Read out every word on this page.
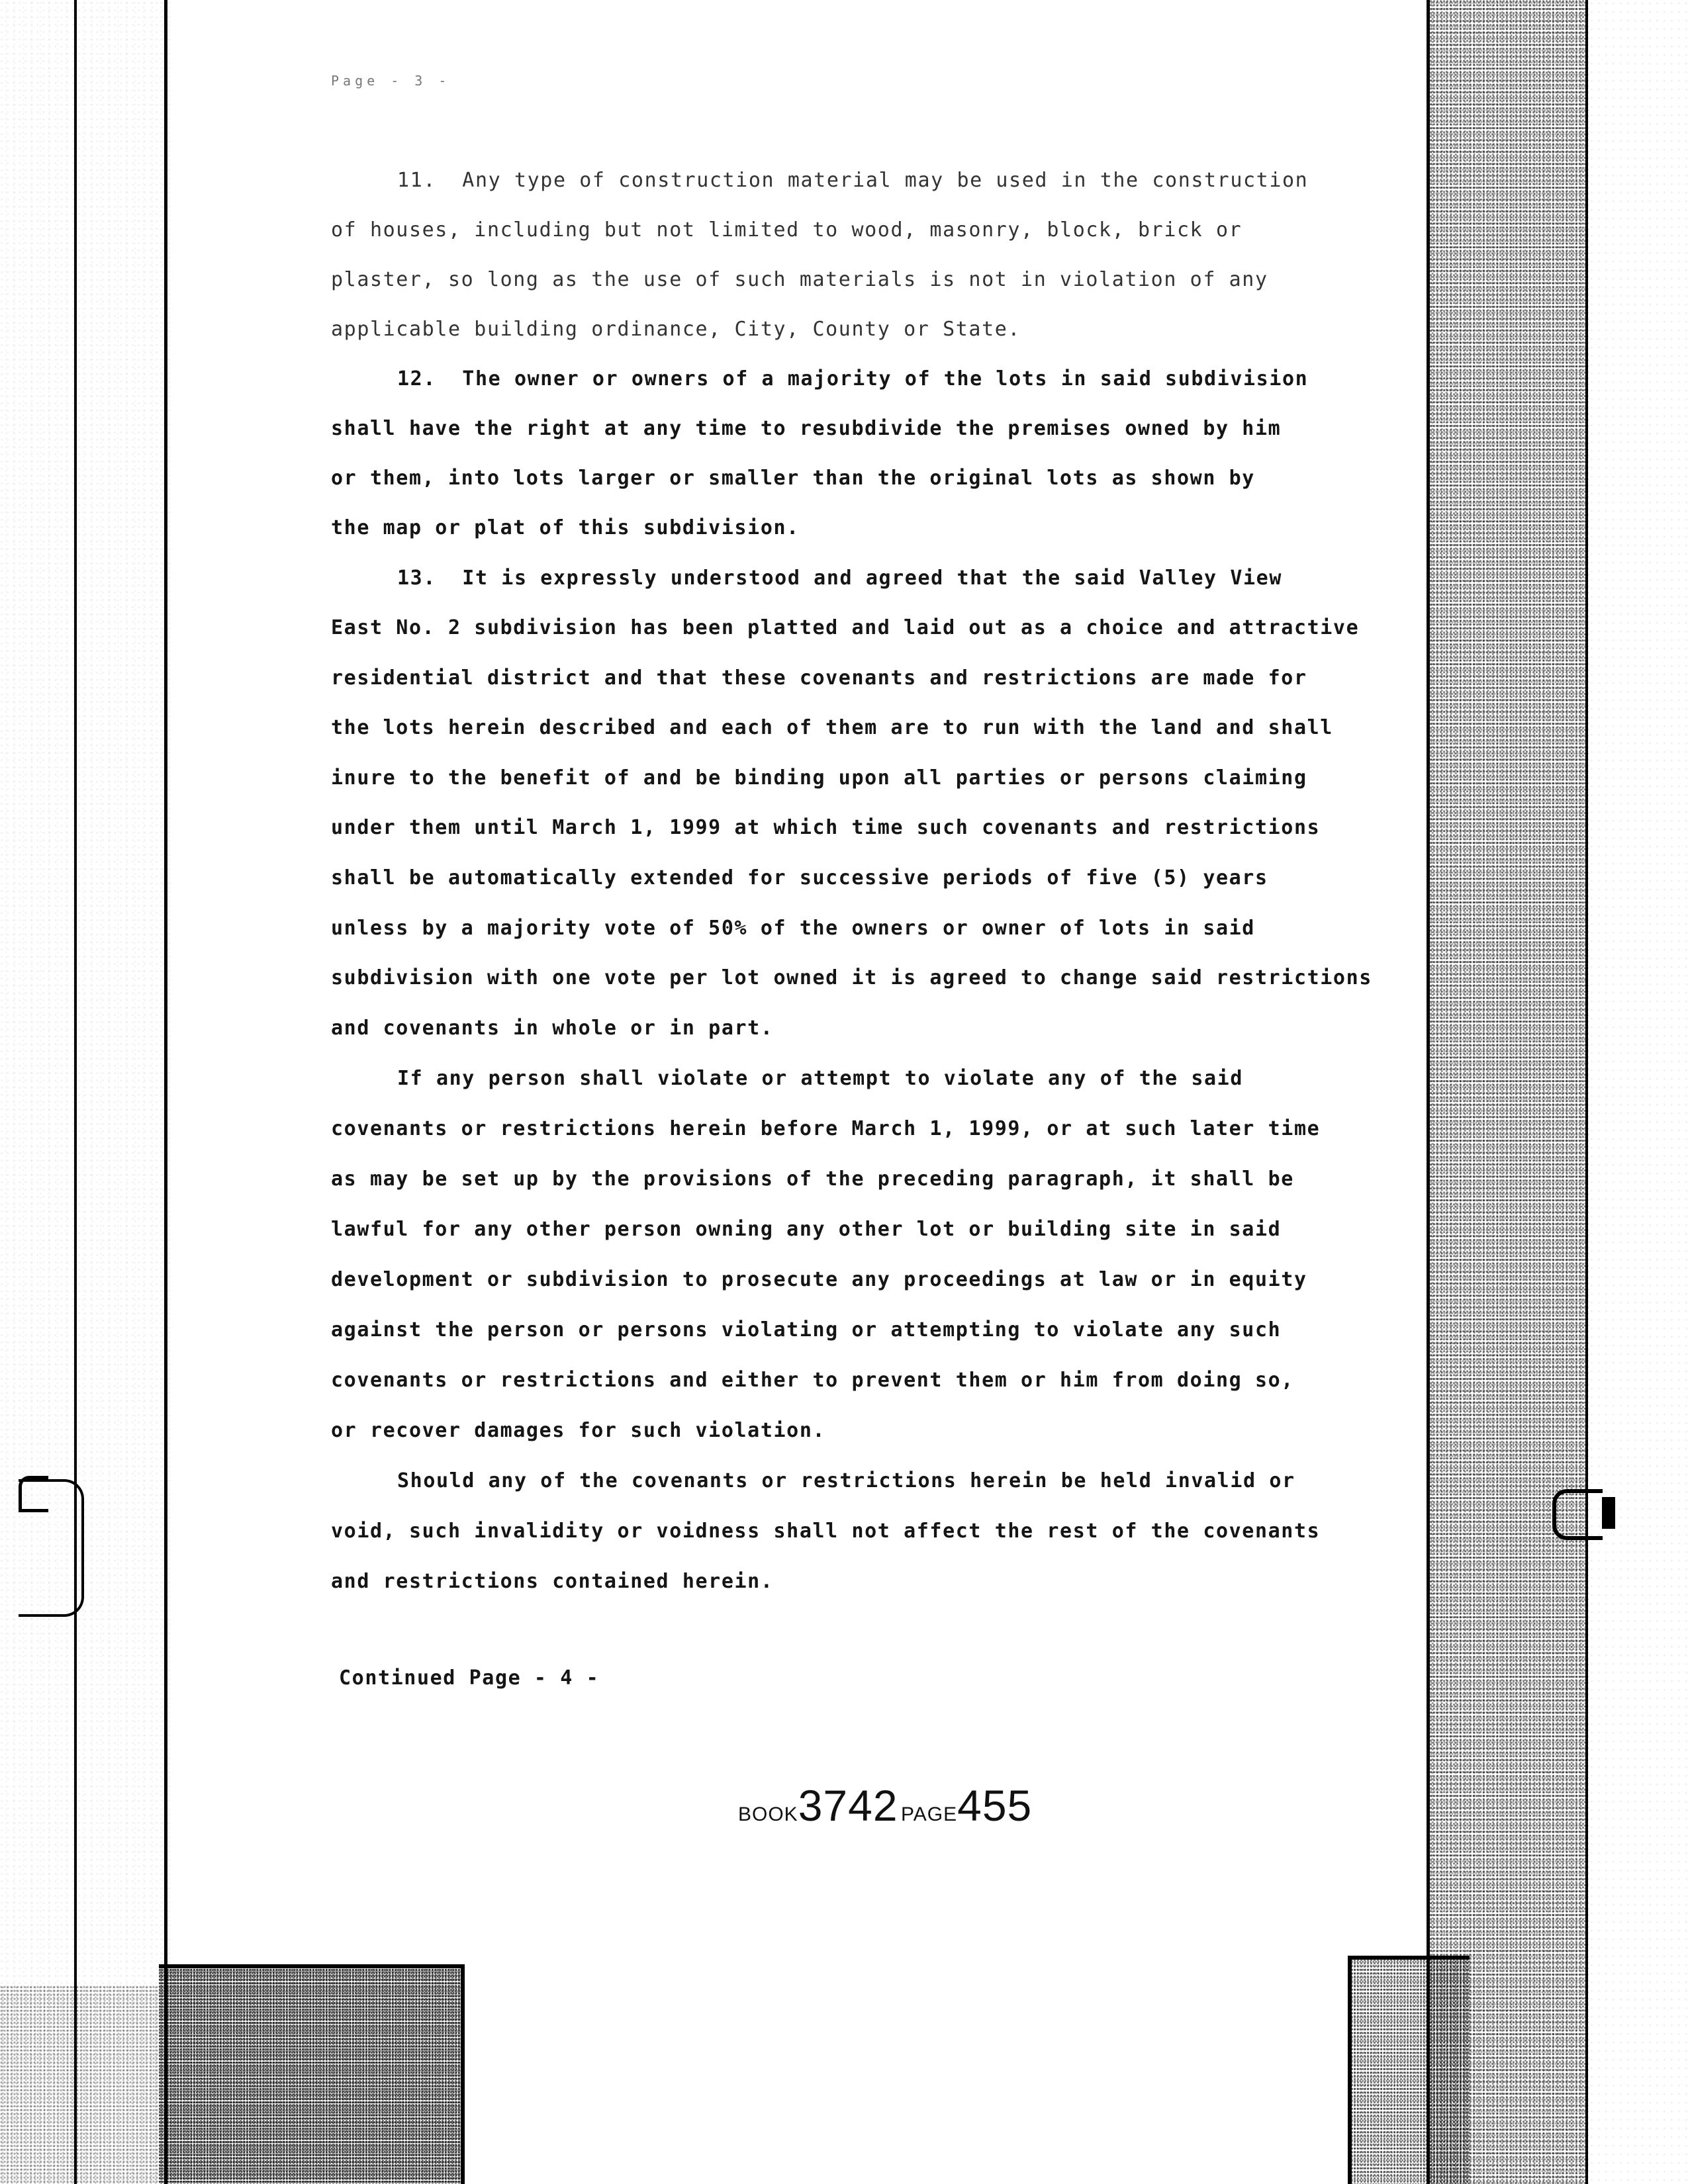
Page - 3 -
11.  Any type of construction material may be used in the construction
of houses, including but not limited to wood, masonry, block, brick or
plaster, so long as the use of such materials is not in violation of any
applicable building ordinance, City, County or State.
12.  The owner or owners of a majority of the lots in said subdivision
shall have the right at any time to resubdivide the premises owned by him
or them, into lots larger or smaller than the original lots as shown by
the map or plat of this subdivision.
13.  It is expressly understood and agreed that the said Valley View
East No. 2 subdivision has been platted and laid out as a choice and attractive
residential district and that these covenants and restrictions are made for
the lots herein described and each of them are to run with the land and shall
inure to the benefit of and be binding upon all parties or persons claiming
under them until March 1, 1999 at which time such covenants and restrictions
shall be automatically extended for successive periods of five (5) years
unless by a majority vote of 50% of the owners or owner of lots in said
subdivision with one vote per lot owned it is agreed to change said restrictions
and covenants in whole or in part.
If any person shall violate or attempt to violate any of the said
covenants or restrictions herein before March 1, 1999, or at such later time
as may be set up by the provisions of the preceding paragraph, it shall be
lawful for any other person owning any other lot or building site in said
development or subdivision to prosecute any proceedings at law or in equity
against the person or persons violating or attempting to violate any such
covenants or restrictions and either to prevent them or him from doing so,
or recover damages for such violation.
Should any of the covenants or restrictions herein be held invalid or
void, such invalidity or voidness shall not affect the rest of the covenants
and restrictions contained herein.
Continued Page - 4 -
BOOK3742 PAGE455
